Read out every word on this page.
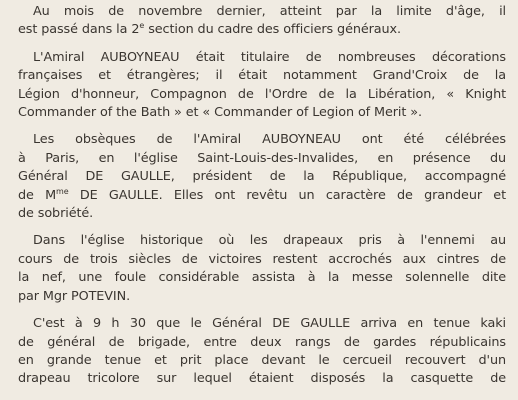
Au mois de novembre dernier, atteint par la limite d'âge, il
est passé dans la 2e section du cadre des officiers généraux.
L'Amiral AUBOYNEAU était titulaire de nombreuses décorations
françaises et étrangères; il était notamment Grand'Croix de la
Légion d'honneur, Compagnon de l'Ordre de la Libération, « Knight
Commander of the Bath » et « Commander of Legion of Merit ».
Les obsèques de l'Amiral AUBOYNEAU ont été célébrées
à Paris, en l'église Saint-Louis-des-Invalides, en présence du
Général DE GAULLE, président de la République, accompagné
de $M^{me}$ DE GAULLE. Elles ont revêtu un caractère de grandeur et
de sobriété.
Dans l'église historique où les drapeaux pris à l'ennemi au
cours de trois siècles de victoires restent accrochés aux cintres de
la nef, une foule considérable assista à la messe solennelle dite
par Mgr POTEVIN.
C'est à 9 h 30 que le Général DE GAULLE arriva en tenue kaki
de général de brigade, entre deux rangs de gardes républicains
en grande tenue et prit place devant le cercueil recouvert d'un
drapeau tricolore sur lequel étaient disposés la casquette de
